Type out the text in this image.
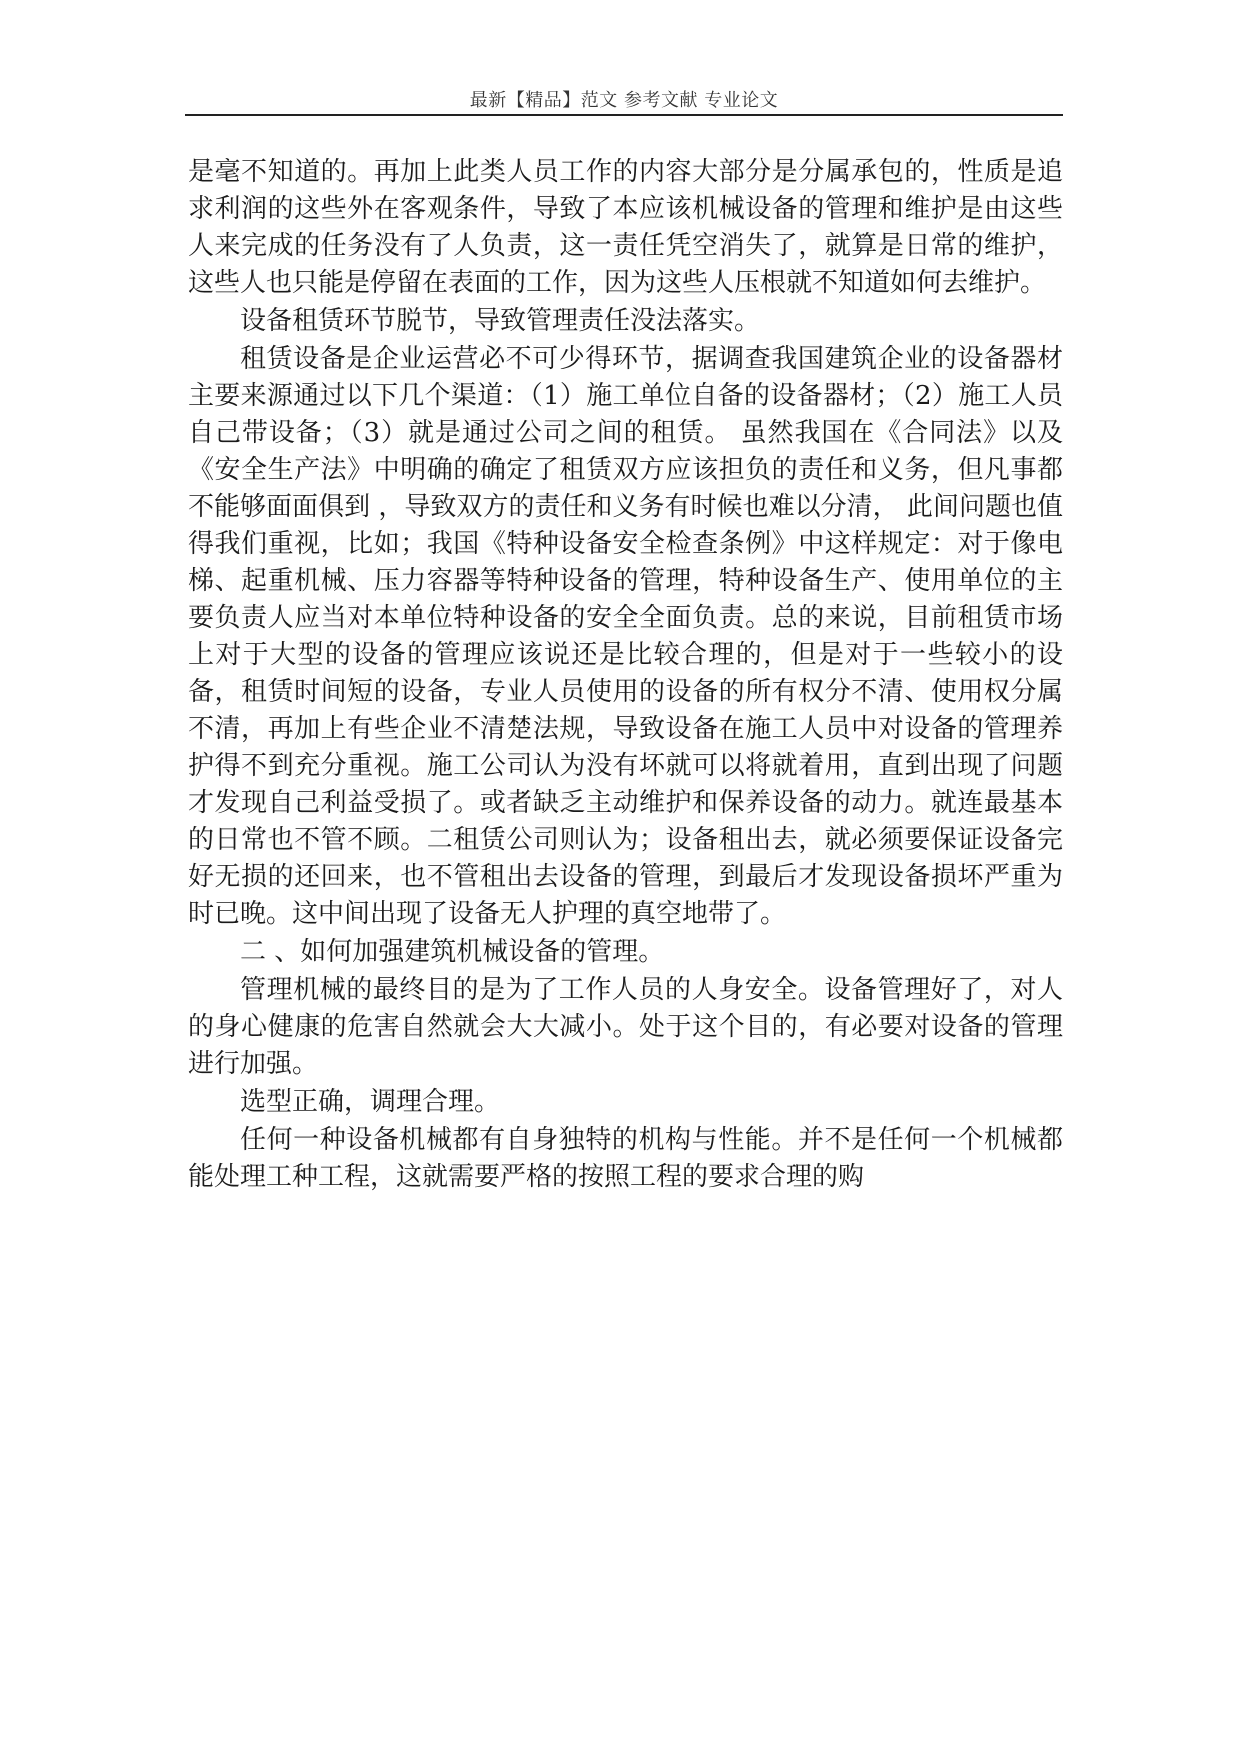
最新【精品】范文 参考文献 专业论文

是毫不知道的。再加上此类人员工作的内容大部分是分属承包的，性质是追求利润的这些外在客观条件，导致了本应该机械设备的管理和维护是由这些人来完成的任务没有了人负责，这一责任凭空消失了，就算是日常的维护，这些人也只能是停留在表面的工作，因为这些人压根就不知道如何去维护。

设备租赁环节脱节，导致管理责任没法落实。

租赁设备是企业运营必不可少得环节，据调查我国建筑企业的设备器材主要来源通过以下几个渠道：（1）施工单位自备的设备器材；（2）施工人员自己带设备；（3）就是通过公司之间的租赁。 虽然我国在《合同法》以及《安全生产法》中明确的确定了租赁双方应该担负的责任和义务，但凡事都不能够面面俱到 ，导致双方的责任和义务有时候也难以分清， 此间问题也值得我们重视，比如；我国《特种设备安全检查条例》中这样规定：对于像电梯、起重机械、压力容器等特种设备的管理，特种设备生产、使用单位的主要负责人应当对本单位特种设备的安全全面负责。总的来说，目前租赁市场上对于大型的设备的管理应该说还是比较合理的，但是对于一些较小的设备，租赁时间短的设备，专业人员使用的设备的所有权分不清、使用权分属不清，再加上有些企业不清楚法规，导致设备在施工人员中对设备的管理养护得不到充分重视。施工公司认为没有坏就可以将就着用，直到出现了问题才发现自己利益受损了。或者缺乏主动维护和保养设备的动力。就连最基本的日常也不管不顾。二租赁公司则认为；设备租出去，就必须要保证设备完好无损的还回来，也不管租出去设备的管理，到最后才发现设备损坏严重为时已晚。这中间出现了设备无人护理的真空地带了。

二 、如何加强建筑机械设备的管理。

管理机械的最终目的是为了工作人员的人身安全。设备管理好了，对人的身心健康的危害自然就会大大减小。处于这个目的，有必要对设备的管理进行加强。

选型正确，调理合理。

任何一种设备机械都有自身独特的机构与性能。并不是任何一个机械都能处理工种工程，这就需要严格的按照工程的要求合理的购
